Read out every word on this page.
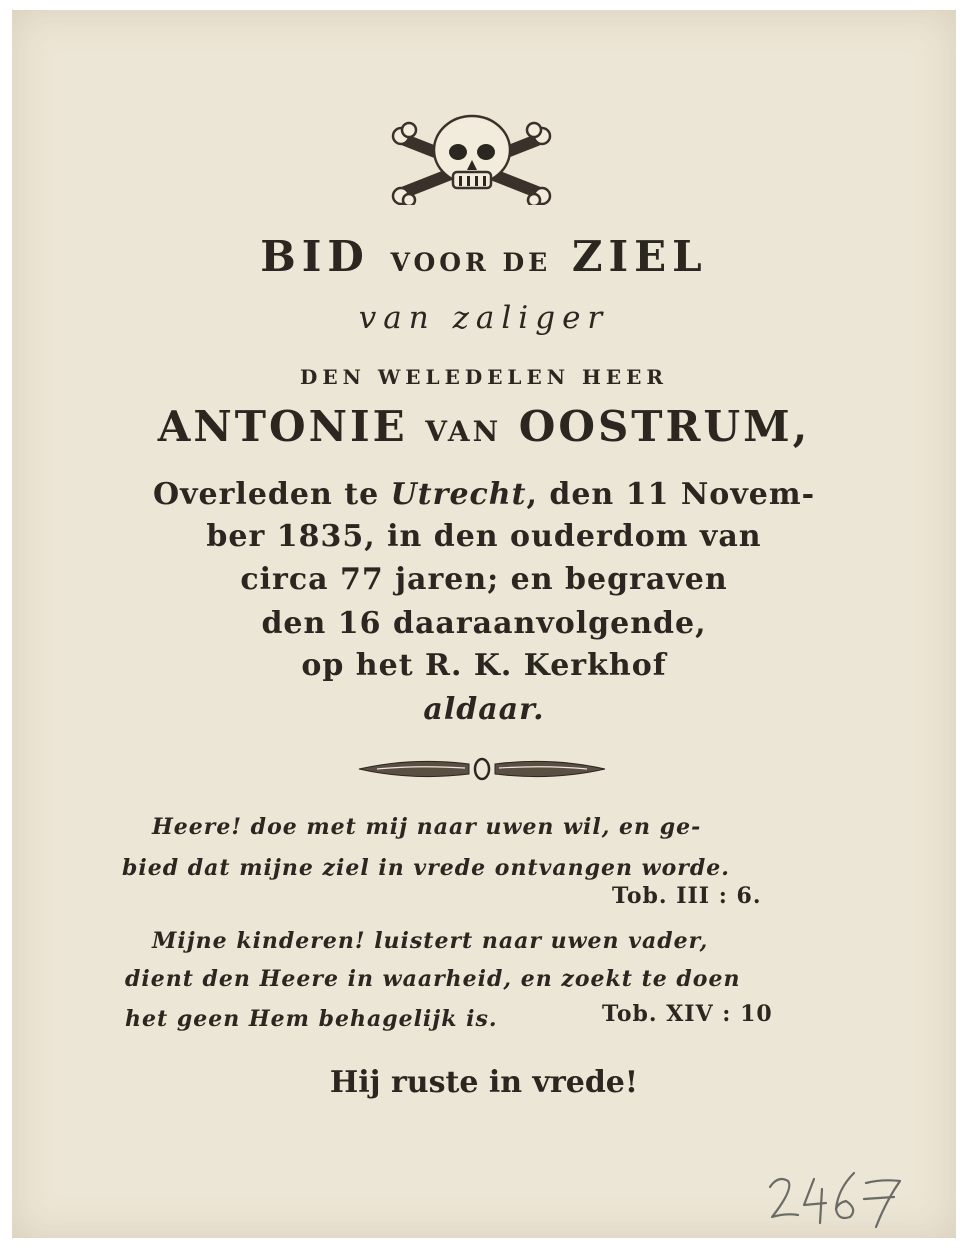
BID VOOR DE ZIEL
van zaliger
DEN WELEDELEN HEER
ANTONIE VAN OOSTRUM,
Overleden te Utrecht, den 11 Novem-
ber 1835, in den ouderdom van
circa 77 jaren; en begraven
den 16 daaraanvolgende,
op het R. K. Kerkhof
aldaar.
Heere! doe met mij naar uwen wil, en ge-
bied dat mijne ziel in vrede ontvangen worde.
Tob. III : 6.
Mijne kinderen! luistert naar uwen vader,
dient den Heere in waarheid, en zoekt te doen
het geen Hem behagelijk is.	Tob. XIV : 10
Hij ruste in vrede!
